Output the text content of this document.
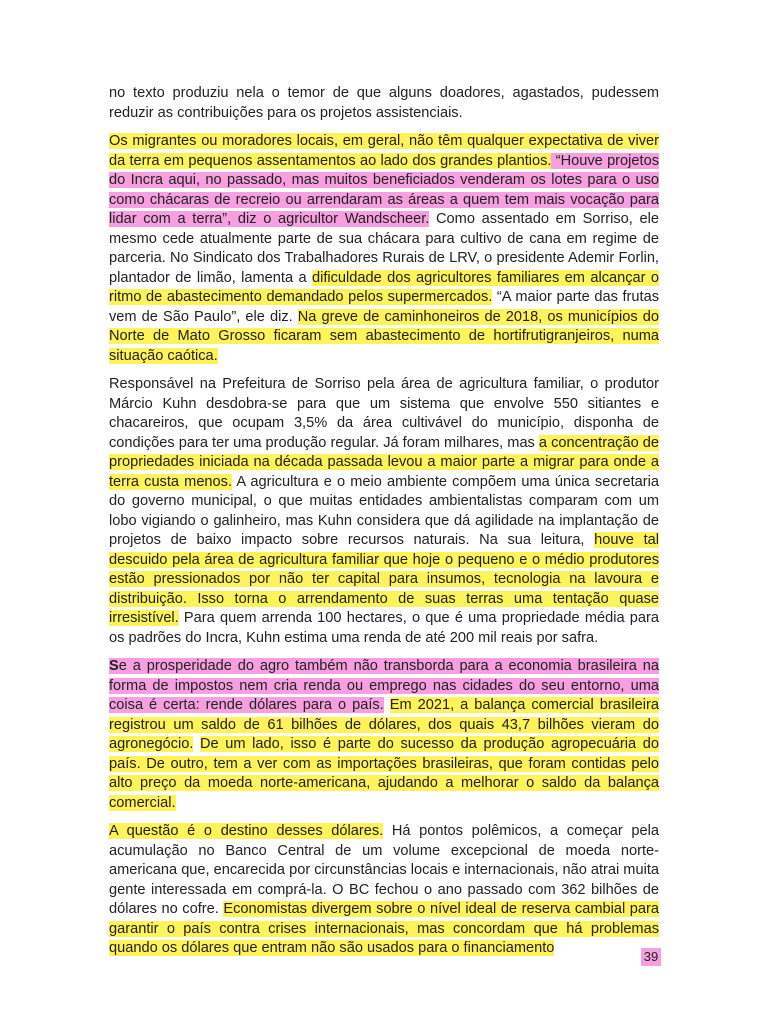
no texto produziu nela o temor de que alguns doadores, agastados, pudessem reduzir as contribuições para os projetos assistenciais.

Os migrantes ou moradores locais, em geral, não têm qualquer expectativa de viver da terra em pequenos assentamentos ao lado dos grandes plantios. “Houve projetos do Incra aqui, no passado, mas muitos beneficiados venderam os lotes para o uso como chácaras de recreio ou arrendaram as áreas a quem tem mais vocação para lidar com a terra”, diz o agricultor Wandscheer. Como assentado em Sorriso, ele mesmo cede atualmente parte de sua chácara para cultivo de cana em regime de parceria. No Sindicato dos Trabalhadores Rurais de LRV, o presidente Ademir Forlin, plantador de limão, lamenta a dificuldade dos agricultores familiares em alcançar o ritmo de abastecimento demandado pelos supermercados. “A maior parte das frutas vem de São Paulo”, ele diz. Na greve de caminhoneiros de 2018, os municípios do Norte de Mato Grosso ficaram sem abastecimento de hortifrutigranjeiros, numa situação caótica.

Responsável na Prefeitura de Sorriso pela área de agricultura familiar, o produtor Márcio Kuhn desdobra-se para que um sistema que envolve 550 sitiantes e chacareiros, que ocupam 3,5% da área cultivável do município, disponha de condições para ter uma produção regular. Já foram milhares, mas a concentração de propriedades iniciada na década passada levou a maior parte a migrar para onde a terra custa menos. A agricultura e o meio ambiente compõem uma única secretaria do governo municipal, o que muitas entidades ambientalistas comparam com um lobo vigiando o galinheiro, mas Kuhn considera que dá agilidade na implantação de projetos de baixo impacto sobre recursos naturais. Na sua leitura, houve tal descuido pela área de agricultura familiar que hoje o pequeno e o médio produtores estão pressionados por não ter capital para insumos, tecnologia na lavoura e distribuição. Isso torna o arrendamento de suas terras uma tentação quase irresistível. Para quem arrenda 100 hectares, o que é uma propriedade média para os padrões do Incra, Kuhn estima uma renda de até 200 mil reais por safra.

Se a prosperidade do agro também não transborda para a economia brasileira na forma de impostos nem cria renda ou emprego nas cidades do seu entorno, uma coisa é certa: rende dólares para o país. Em 2021, a balança comercial brasileira registrou um saldo de 61 bilhões de dólares, dos quais 43,7 bilhões vieram do agronegócio. De um lado, isso é parte do sucesso da produção agropecuária do país. De outro, tem a ver com as importações brasileiras, que foram contidas pelo alto preço da moeda norte-americana, ajudando a melhorar o saldo da balança comercial.

A questão é o destino desses dólares. Há pontos polêmicos, a começar pela acumulação no Banco Central de um volume excepcional de moeda norte-americana que, encarecida por circunstâncias locais e internacionais, não atrai muita gente interessada em comprá-la. O BC fechou o ano passado com 362 bilhões de dólares no cofre. Economistas divergem sobre o nível ideal de reserva cambial para garantir o país contra crises internacionais, mas concordam que há problemas quando os dólares que entram não são usados para o financiamento

39
